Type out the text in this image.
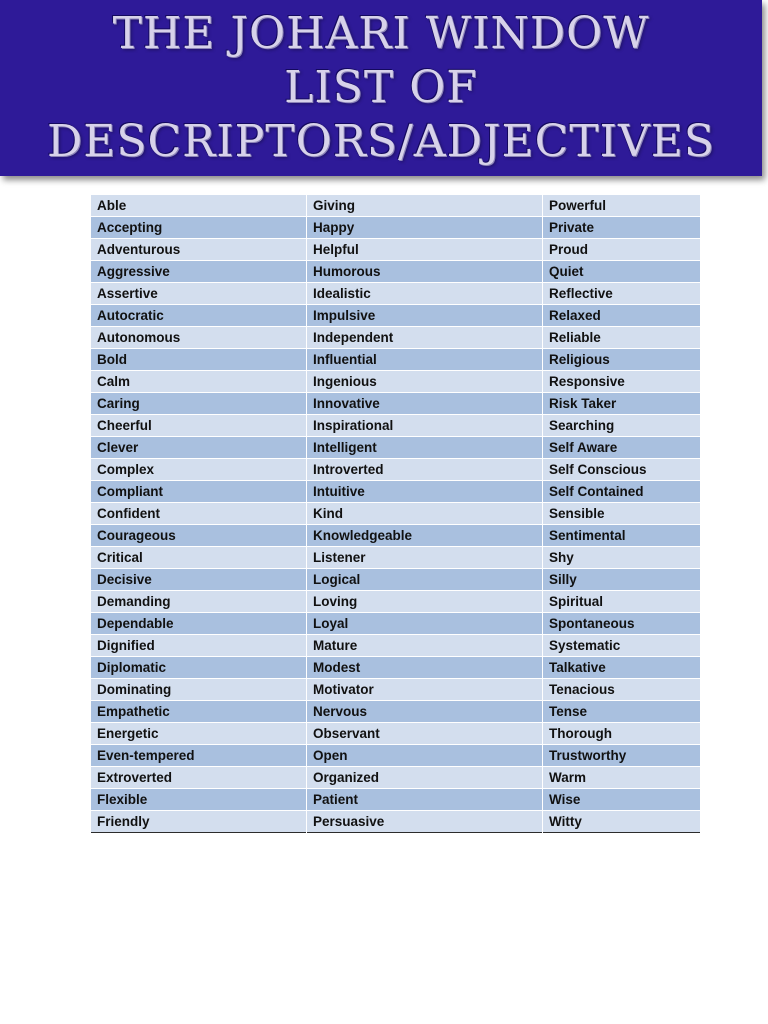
THE JOHARI WINDOW
LIST OF
DESCRIPTORS/ADJECTIVES
Able	Giving	Powerful
Accepting	Happy	Private
Adventurous	Helpful	Proud
Aggressive	Humorous	Quiet
Assertive	Idealistic	Reflective
Autocratic	Impulsive	Relaxed
Autonomous	Independent	Reliable
Bold	Influential	Religious
Calm	Ingenious	Responsive
Caring	Innovative	Risk Taker
Cheerful	Inspirational	Searching
Clever	Intelligent	Self Aware
Complex	Introverted	Self Conscious
Compliant	Intuitive	Self Contained
Confident	Kind	Sensible
Courageous	Knowledgeable	Sentimental
Critical	Listener	Shy
Decisive	Logical	Silly
Demanding	Loving	Spiritual
Dependable	Loyal	Spontaneous
Dignified	Mature	Systematic
Diplomatic	Modest	Talkative
Dominating	Motivator	Tenacious
Empathetic	Nervous	Tense
Energetic	Observant	Thorough
Even-tempered	Open	Trustworthy
Extroverted	Organized	Warm
Flexible	Patient	Wise
Friendly	Persuasive	Witty
